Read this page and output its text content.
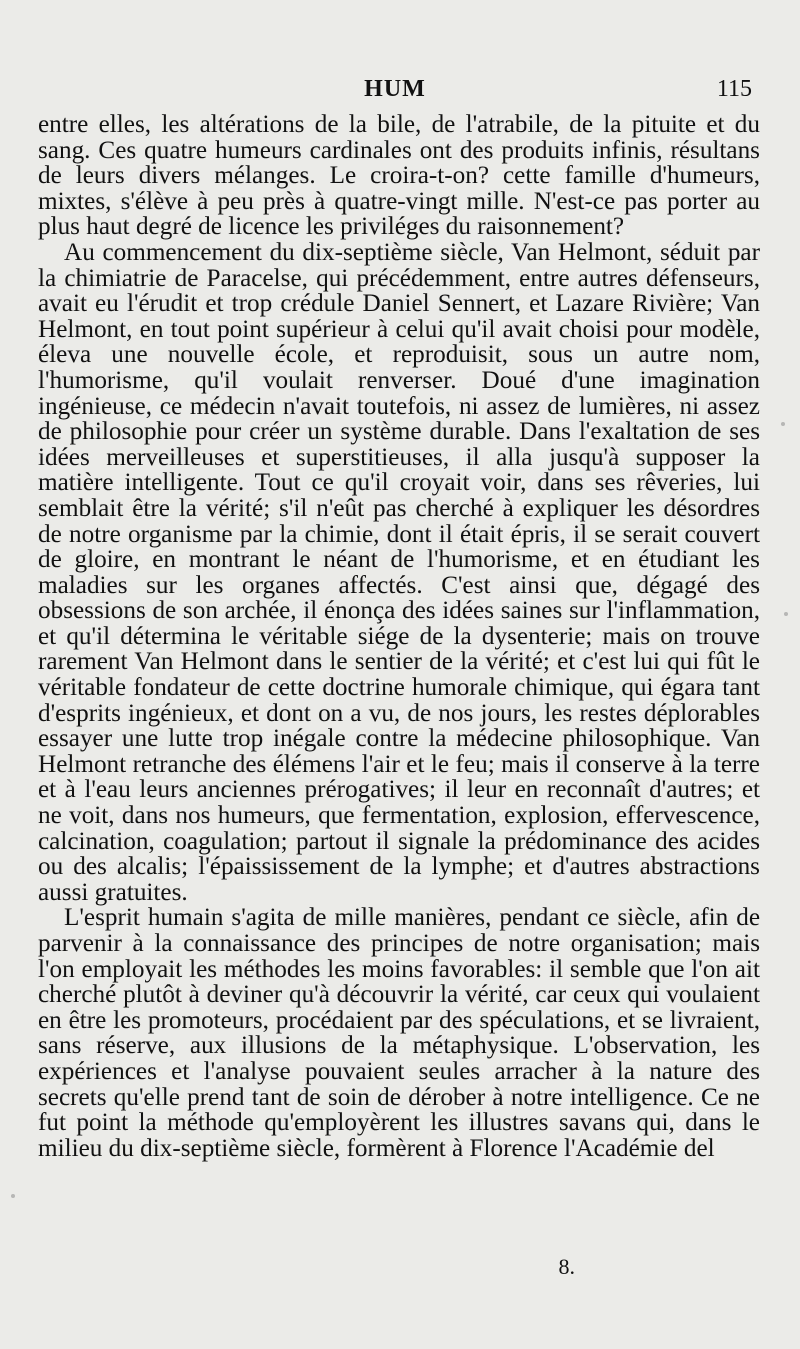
HUM	115

entre elles, les altérations de la bile, de l'atrabile, de la pituite et du sang. Ces quatre humeurs cardinales ont des produits infinis, résultans de leurs divers mélanges. Le croira-t-on? cette famille d'humeurs, mixtes, s'élève à peu près à quatre-vingt mille. N'est-ce pas porter au plus haut degré de licence les priviléges du raisonnement?

Au commencement du dix-septième siècle, Van Helmont, séduit par la chimiatrie de Paracelse, qui précédemment, entre autres défenseurs, avait eu l'érudit et trop crédule Daniel Sennert, et Lazare Rivière; Van Helmont, en tout point supérieur à celui qu'il avait choisi pour modèle, éleva une nouvelle école, et reproduisit, sous un autre nom, l'humorisme, qu'il voulait renverser. Doué d'une imagination ingénieuse, ce médecin n'avait toutefois, ni assez de lumières, ni assez de philosophie pour créer un système durable. Dans l'exaltation de ses idées merveilleuses et superstitieuses, il alla jusqu'à supposer la matière intelligente. Tout ce qu'il croyait voir, dans ses rêveries, lui semblait être la vérité; s'il n'eût pas cherché à expliquer les désordres de notre organisme par la chimie, dont il était épris, il se serait couvert de gloire, en montrant le néant de l'humorisme, et en étudiant les maladies sur les organes affectés. C'est ainsi que, dégagé des obsessions de son archée, il énonça des idées saines sur l'inflammation, et qu'il détermina le véritable siége de la dysenterie; mais on trouve rarement Van Helmont dans le sentier de la vérité; et c'est lui qui fût le véritable fondateur de cette doctrine humorale chimique, qui égara tant d'esprits ingénieux, et dont on a vu, de nos jours, les restes déplorables essayer une lutte trop inégale contre la médecine philosophique. Van Helmont retranche des élémens l'air et le feu; mais il conserve à la terre et à l'eau leurs anciennes prérogatives; il leur en reconnaît d'autres; et ne voit, dans nos humeurs, que fermentation, explosion, effervescence, calcination, coagulation; partout il signale la prédominance des acides ou des alcalis; l'épaississement de la lymphe; et d'autres abstractions aussi gratuites.

L'esprit humain s'agita de mille manières, pendant ce siècle, afin de parvenir à la connaissance des principes de notre organisation; mais l'on employait les méthodes les moins favorables: il semble que l'on ait cherché plutôt à deviner qu'à découvrir la vérité, car ceux qui voulaient en être les promoteurs, procédaient par des spéculations, et se livraient, sans réserve, aux illusions de la métaphysique. L'observation, les expériences et l'analyse pouvaient seules arracher à la nature des secrets qu'elle prend tant de soin de dérober à notre intelligence. Ce ne fut point la méthode qu'employèrent les illustres savans qui, dans le milieu du dix-septième siècle, formèrent à Florence l'Académie del

8.
